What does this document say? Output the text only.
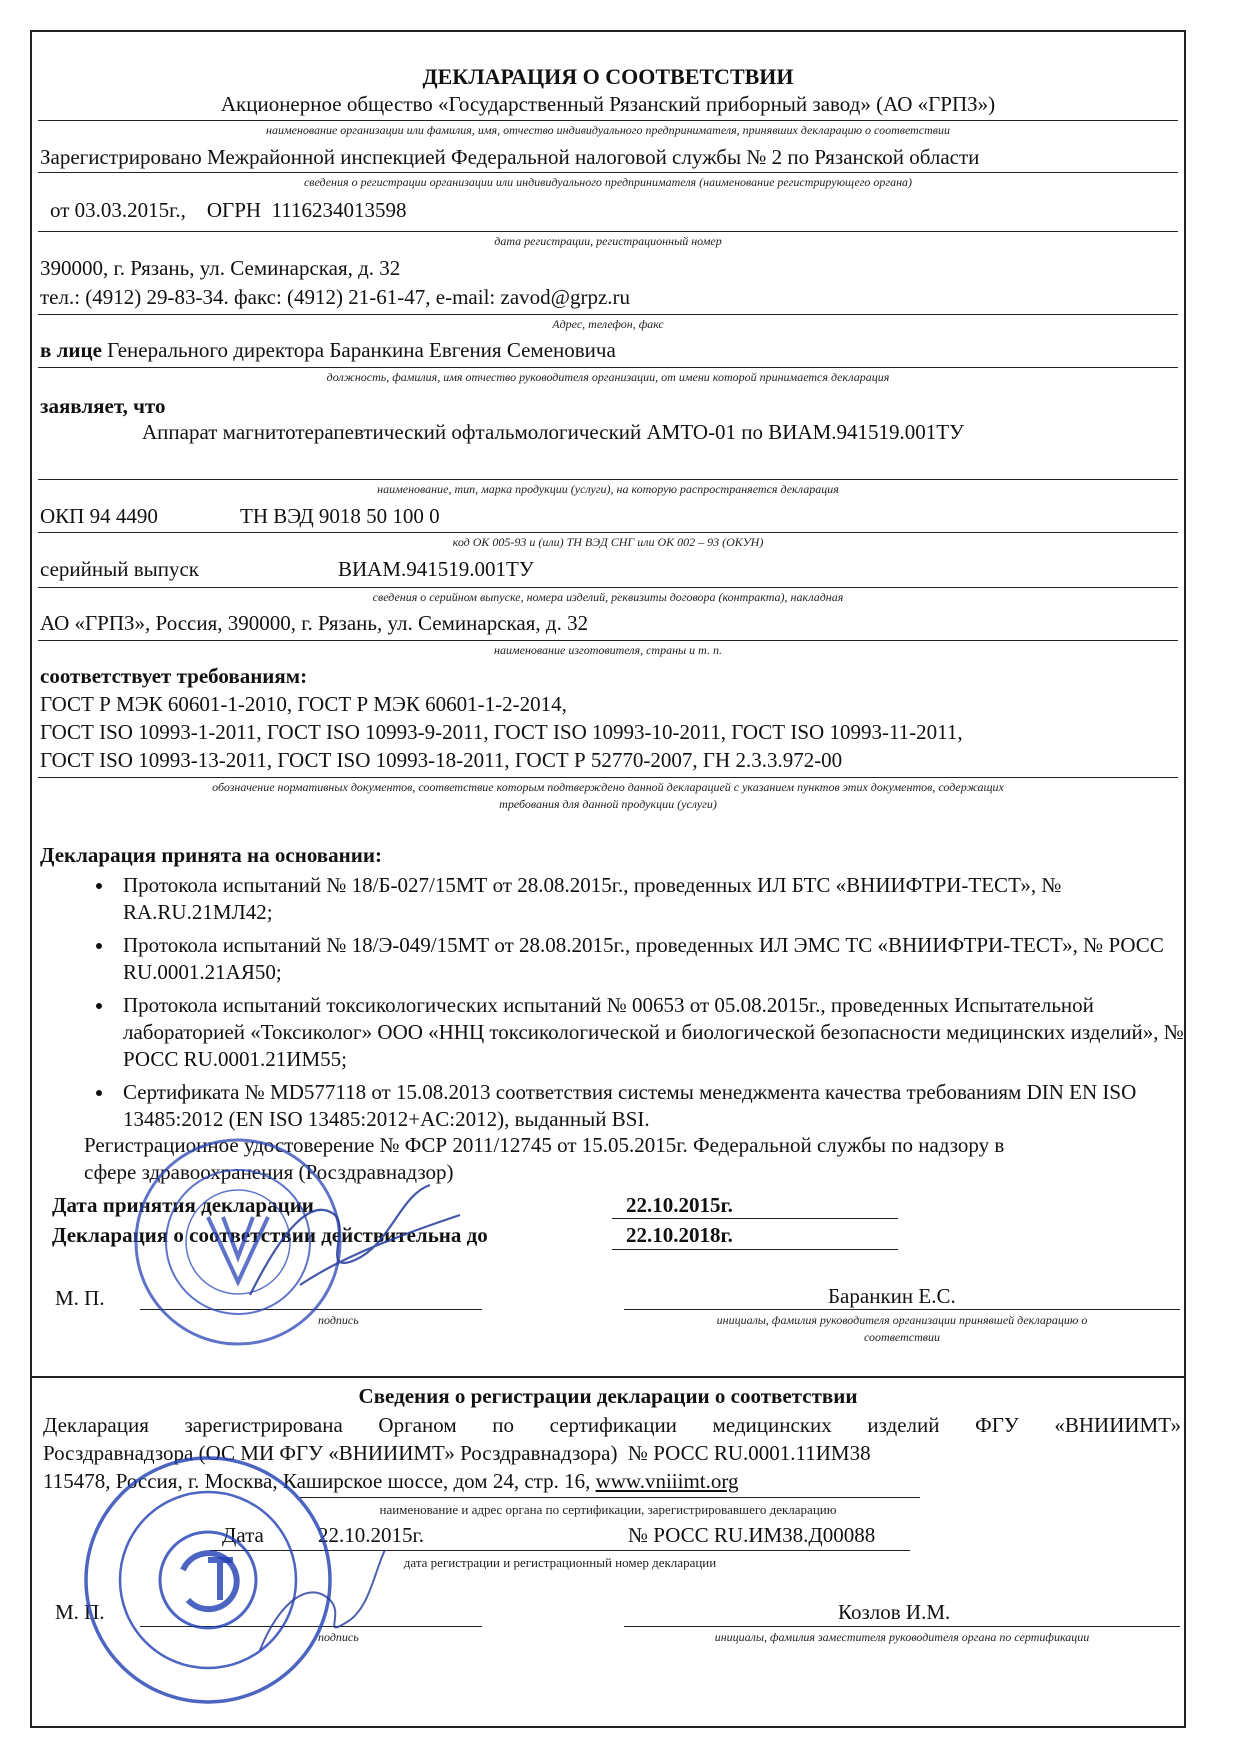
ДЕКЛАРАЦИЯ О СООТВЕТСТВИИ
Акционерное общество «Государственный Рязанский приборный завод» (АО «ГРПЗ»)
наименование организации или фамилия, имя, отчество индивидуального предпринимателя, принявших декларацию о соответствии
Зарегистрировано Межрайонной инспекцией Федеральной налоговой службы № 2 по Рязанской области
сведения о регистрации организации или индивидуального предпринимателя (наименование регистрирующего органа)
от 03.03.2015г.,    ОГРН  1116234013598
дата регистрации, регистрационный номер
390000, г. Рязань, ул. Семинарская, д. 32
тел.: (4912) 29-83-34. факс: (4912) 21-61-47, e-mail: zavod@grpz.ru
Адрес, телефон, факс
в лице Генерального директора Баранкина Евгения Семеновича
должность, фамилия, имя отчество руководителя организации, от имени которой принимается декларация
заявляет, что
Аппарат магнитотерапевтический офтальмологический АМТО-01 по ВИАМ.941519.001ТУ
наименование, тип, марка продукции (услуги), на которую распространяется декларация
ОКП 94 4490	ТН ВЭД 9018 50 100 0
код ОК 005-93 и (или) ТН ВЭД СНГ или ОК 002 – 93 (ОКУН)
серийный выпуск	ВИАМ.941519.001ТУ
сведения о серийном выпуске, номера изделий, реквизиты договора (контракта), накладная
АО «ГРПЗ», Россия, 390000, г. Рязань, ул. Семинарская, д. 32
наименование изготовителя, страны и т. п.
соответствует требованиям:
ГОСТ Р МЭК 60601-1-2010, ГОСТ Р МЭК 60601-1-2-2014,
ГОСТ ISO 10993-1-2011, ГОСТ ISO 10993-9-2011, ГОСТ ISO 10993-10-2011, ГОСТ ISO 10993-11-2011,
ГОСТ ISO 10993-13-2011, ГОСТ ISO 10993-18-2011, ГОСТ Р 52770-2007, ГН 2.3.3.972-00
обозначение нормативных документов, соответствие которым подтверждено данной декларацией с указанием пунктов этих документов, содержащих
требования для данной продукции (услуги)
Декларация принята на основании:
• Протокола испытаний № 18/Б-027/15МТ от 28.08.2015г., проведенных ИЛ БТС «ВНИИФТРИ-ТЕСТ», № RA.RU.21МЛ42;
• Протокола испытаний № 18/Э-049/15МТ от 28.08.2015г., проведенных ИЛ ЭМС ТС «ВНИИФТРИ-ТЕСТ», № РОСС RU.0001.21АЯ50;
• Протокола испытаний токсикологических испытаний № 00653 от 05.08.2015г., проведенных Испытательной лабораторией «Токсиколог» ООО «ННЦ токсикологической и биологической безопасности медицинских изделий», № РОСС RU.0001.21ИМ55;
• Сертификата № MD577118 от 15.08.2013 соответствия системы менеджмента качества требованиям DIN EN ISO 13485:2012 (EN ISO 13485:2012+AC:2012), выданный BSI.
Регистрационное удостоверение № ФСР 2011/12745 от 15.05.2015г. Федеральной службы по надзору в
сфере здравоохранения (Росздравнадзор)
Дата принятия декларации	22.10.2015г.
Декларация о соответствии действительна до	22.10.2018г.
М. П.
подпись
Баранкин Е.С.
инициалы, фамилия руководителя организации принявшей декларацию о
соответствии
Сведения о регистрации декларации о соответствии
Декларация зарегистрирована Органом по сертификации медицинских изделий ФГУ «ВНИИИМТ»
Росздравнадзора (ОС МИ ФГУ «ВНИИИМТ» Росздравнадзора)  № РОСС RU.0001.11ИМ38
115478, Россия, г. Москва, Каширское шоссе, дом 24, стр. 16, www.vniiimt.org
наименование и адрес органа по сертификации, зарегистрировавшего декларацию
Дата	22.10.2015г.	№ РОСС RU.ИМ38.Д00088
дата регистрации и регистрационный номер декларации
М. П.
подпись
Козлов И.М.
инициалы, фамилия заместителя руководителя органа по сертификации
